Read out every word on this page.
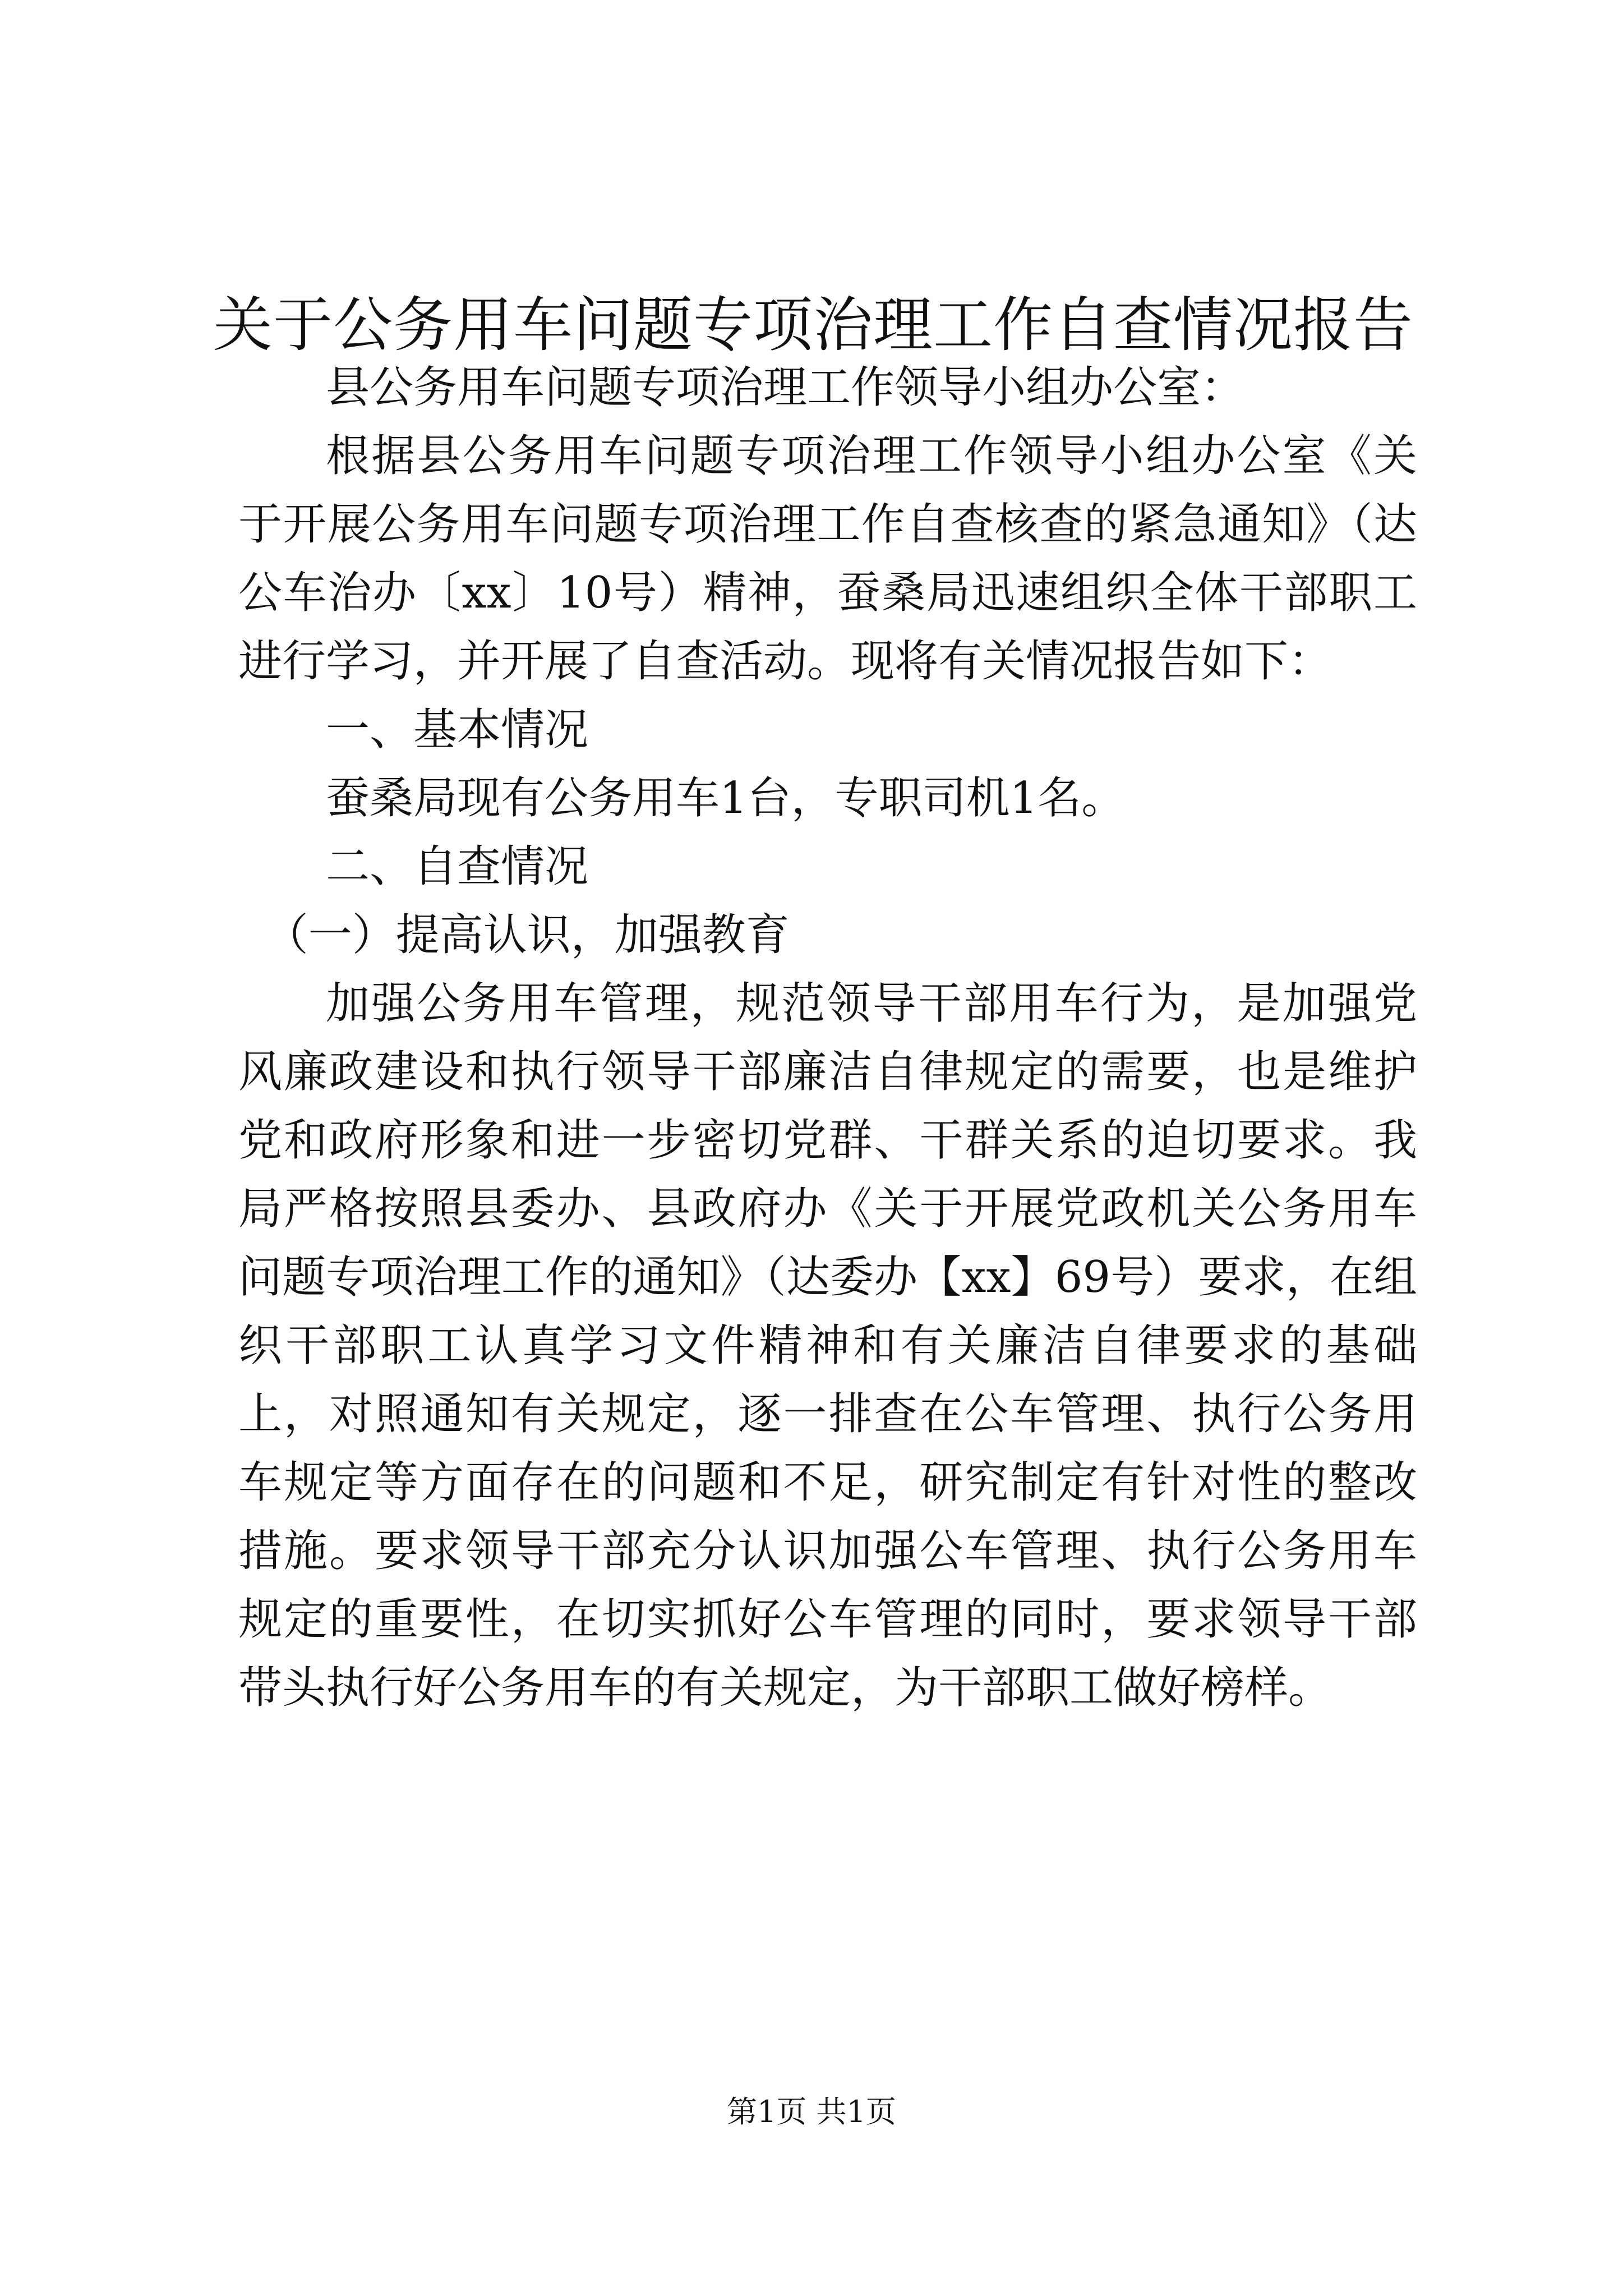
关于公务用车问题专项治理工作自查情况报告

县公务用车问题专项治理工作领导小组办公室：

根据县公务用车问题专项治理工作领导小组办公室《关于开展公务用车问题专项治理工作自查核查的紧急通知》（达公车治办〔xx〕10号）精神，蚕桑局迅速组织全体干部职工进行学习，并开展了自查活动。现将有关情况报告如下：

一、基本情况

蚕桑局现有公务用车1台，专职司机1名。

二、自查情况

（一）提高认识，加强教育

加强公务用车管理，规范领导干部用车行为，是加强党风廉政建设和执行领导干部廉洁自律规定的需要，也是维护党和政府形象和进一步密切党群、干群关系的迫切要求。我局严格按照县委办、县政府办《关于开展党政机关公务用车问题专项治理工作的通知》（达委办【xx】69号）要求，在组织干部职工认真学习文件精神和有关廉洁自律要求的基础上，对照通知有关规定，逐一排查在公车管理、执行公务用车规定等方面存在的问题和不足，研究制定有针对性的整改措施。要求领导干部充分认识加强公车管理、执行公务用车规定的重要性，在切实抓好公车管理的同时，要求领导干部带头执行好公务用车的有关规定，为干部职工做好榜样。

第1页 共1页
